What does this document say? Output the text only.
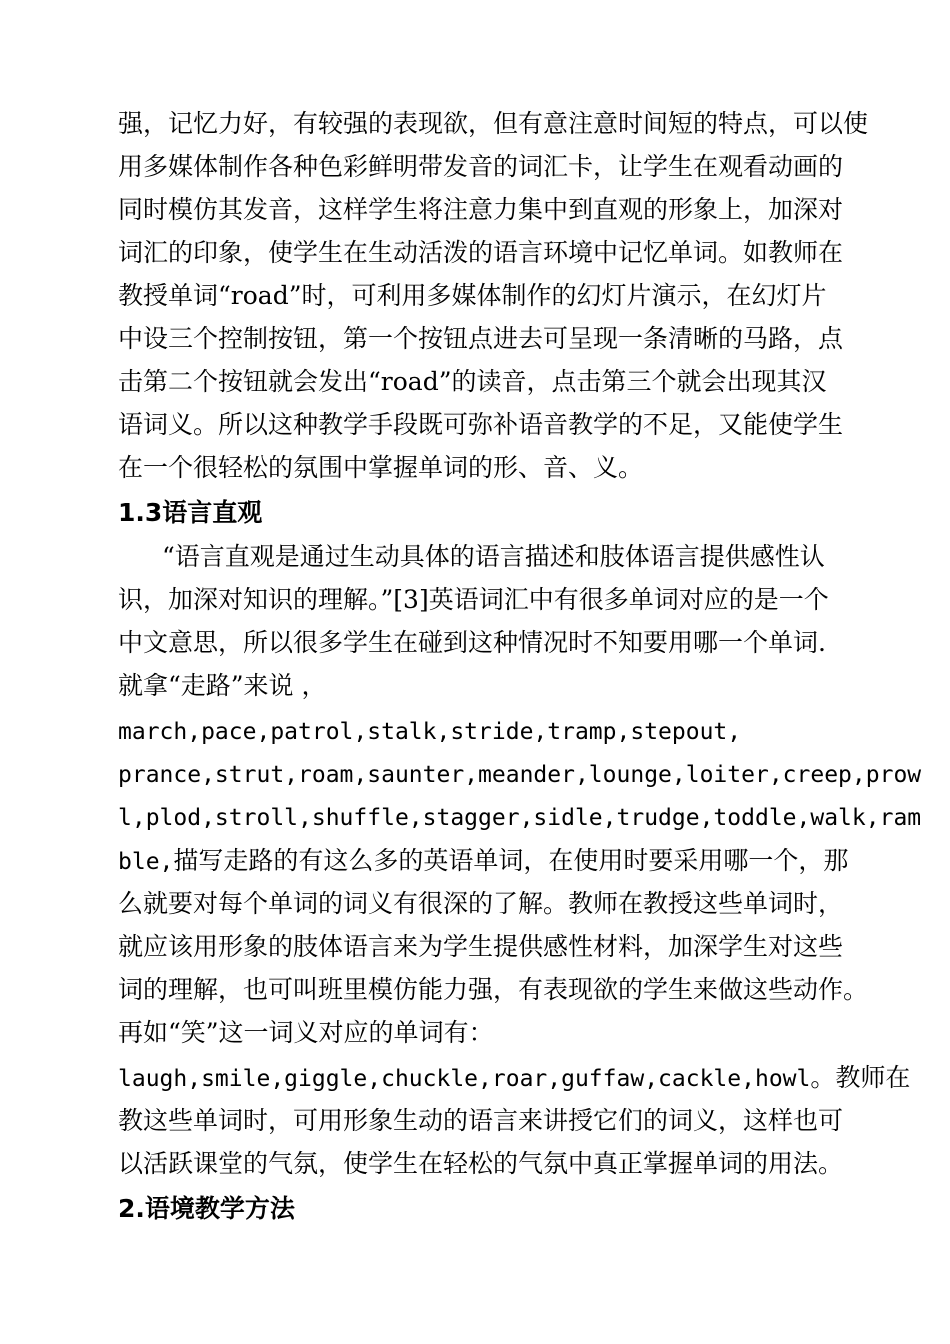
强，记忆力好，有较强的表现欲，但有意注意时间短的特点，可以使
用多媒体制作各种色彩鲜明带发音的词汇卡，让学生在观看动画的
同时模仿其发音，这样学生将注意力集中到直观的形象上，加深对
词汇的印象，使学生在生动活泼的语言环境中记忆单词。如教师在
教授单词“road”时，可利用多媒体制作的幻灯片演示，在幻灯片
中设三个控制按钮，第一个按钮点进去可呈现一条清晰的马路，点
击第二个按钮就会发出“road”的读音，点击第三个就会出现其汉
语词义。所以这种教学手段既可弥补语音教学的不足，又能使学生
在一个很轻松的氛围中掌握单词的形、音、义。
1.3语言直观
“语言直观是通过生动具体的语言描述和肢体语言提供感性认
识，加深对知识的理解。”[3]英语词汇中有很多单词对应的是一个
中文意思，所以很多学生在碰到这种情况时不知要用哪一个单词.
就拿“走路”来说 ，
march,pace,patrol,stalk,stride,tramp,stepout,
prance,strut,roam,saunter,meander,lounge,loiter,creep,prow
l,plod,stroll,shuffle,stagger,sidle,trudge,toddle,walk,ram
ble,描写走路的有这么多的英语单词，在使用时要采用哪一个，那
么就要对每个单词的词义有很深的了解。教师在教授这些单词时，
就应该用形象的肢体语言来为学生提供感性材料，加深学生对这些
词的理解，也可叫班里模仿能力强，有表现欲的学生来做这些动作。
再如“笑”这一词义对应的单词有：
laugh,smile,giggle,chuckle,roar,guffaw,cackle,howl。教师在
教这些单词时，可用形象生动的语言来讲授它们的词义，这样也可
以活跃课堂的气氛，使学生在轻松的气氛中真正掌握单词的用法。
2.语境教学方法
